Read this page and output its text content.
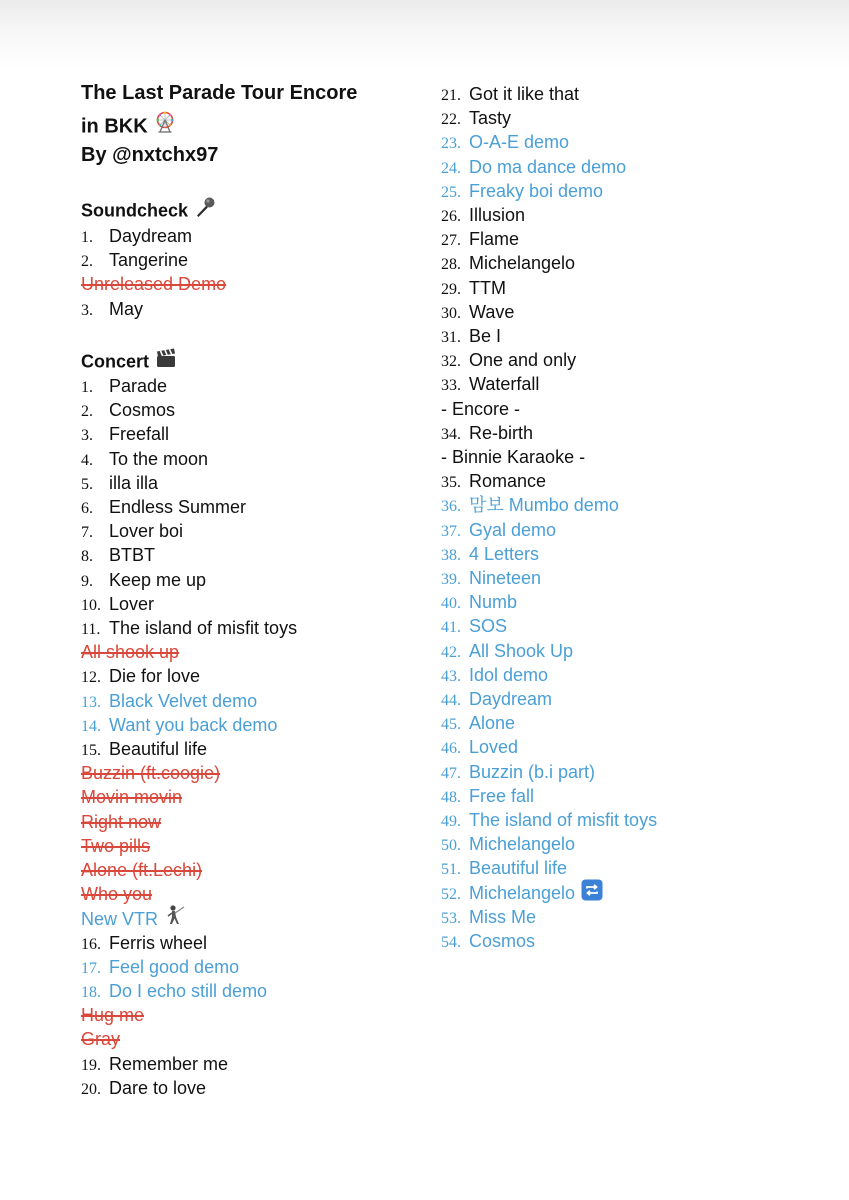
The Last Parade Tour Encore
in BKK
By @nxtchx97
Soundcheck
1. Daydream
2. Tangerine
Unreleased Demo
3. May
Concert
1. Parade
2. Cosmos
3. Freefall
4. To the moon
5. illa illa
6. Endless Summer
7. Lover boi
8. BTBT
9. Keep me up
10. Lover
11. The island of misfit toys
All shook up
12. Die for love
13. Black Velvet demo
14. Want you back demo
15. Beautiful life
Buzzin (ft.coogie)
Movin movin
Right now
Two pills
Alone (ft.Lechi)
Who you
New VTR
16. Ferris wheel
17. Feel good demo
18. Do I echo still demo
Hug me
Gray
19. Remember me
20. Dare to love
21. Got it like that
22. Tasty
23. O-A-E demo
24. Do ma dance demo
25. Freaky boi demo
26. Illusion
27. Flame
28. Michelangelo
29. TTM
30. Wave
31. Be I
32. One and only
33. Waterfall
- Encore -
34. Re-birth
- Binnie Karaoke -
35. Romance
36. 맘보 Mumbo demo
37. Gyal demo
38. 4 Letters
39. Nineteen
40. Numb
41. SOS
42. All Shook Up
43. Idol demo
44. Daydream
45. Alone
46. Loved
47. Buzzin (b.i part)
48. Free fall
49. The island of misfit toys
50. Michelangelo
51. Beautiful life
52. Michelangelo
53. Miss Me
54. Cosmos
